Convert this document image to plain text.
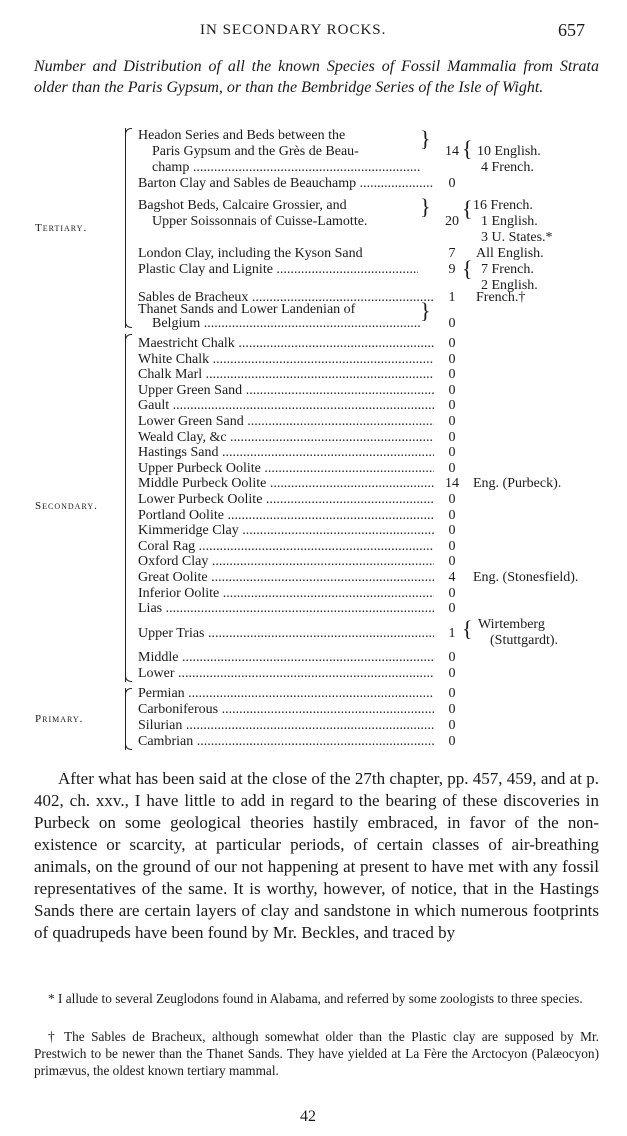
IN SECONDARY ROCKS.	657
Number and Distribution of all the known Species of Fossil Mammalia from Strata older than the Paris Gypsum, or than the Bembridge Series of the Isle of Wight.
Tertiary.
Secondary.
Primary.
} {
} {
{
}
{
Headon Series and Beds between the
Paris Gypsum and the Grès de Beau-	14 10 English.
champ .....	4 French.
Barton Clay and Sables de Beauchamp .....	0
Bagshot Beds, Calcaire Grossier, and	16 French.
Upper Soissonnais of Cuisse-Lamotte.	20 1 English.
3 U. States.*
London Clay, including the Kyson Sand	7	All English.
Plastic Clay and Lignite .....	9	7 French.
2 English.
Sables de Bracheux .....	1	French.†
Thanet Sands and Lower Landenian of
Belgium .....	0
Maestricht Chalk .....	0
White Chalk .....	0
Chalk Marl .....	0
Upper Green Sand .....	0
Gault .....	0
Lower Green Sand .....	0
Weald Clay, &c .....	0
Hastings Sand .....	0
Upper Purbeck Oolite .....	0
Middle Purbeck Oolite .....	14 Eng. (Purbeck).
Lower Purbeck Oolite .....	0
Portland Oolite .....	0
Kimmeridge Clay .....	0
Coral Rag .....	0
Oxford Clay .....	0
Great Oolite .....	4	Eng. (Stonesfield).
Inferior Oolite .....	0
Lias .....	0
Upper Trias .....	1
Wirtemberg
(Stuttgardt).
Middle .....	0
Lower .....	0
Permian .....	0
Carboniferous .....	0
Silurian .....	0
Cambrian .....	0

After what has been said at the close of the 27th chapter, pp. 457, 459, and at p. 402, ch. xxv., I have little to add in regard to the bearing of these discoveries in Purbeck on some geological theories hastily embraced, in favor of the non-existence or scarcity, at particular periods, of certain classes of air-breathing animals, on the ground of our not happening at present to have met with any fossil representatives of the same. It is worthy, however, of notice, that in the Hastings Sands there are certain layers of clay and sandstone in which numerous footprints of quadrupeds have been found by Mr. Beckles, and traced by

* I allude to several Zeuglodons found in Alabama, and referred by some zoologists to three species.

† The Sables de Bracheux, although somewhat older than the Plastic clay are supposed by Mr. Prestwich to be newer than the Thanet Sands. They have yielded at La Fère the Arctocyon (Palæocyon) primævus, the oldest known tertiary mammal.

42
